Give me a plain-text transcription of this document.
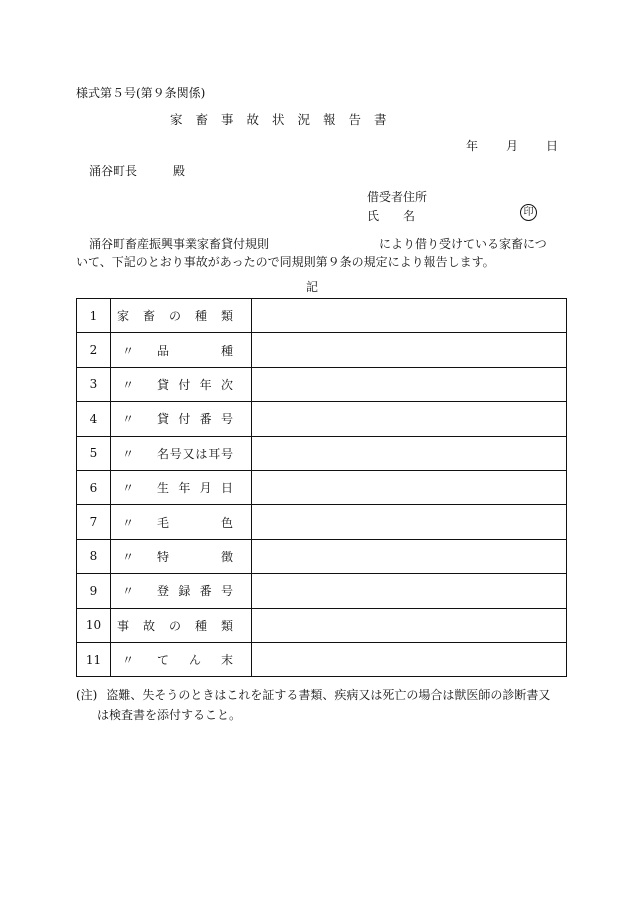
様式第５号(第９条関係)
家畜事故状況報告書
年 月 日
涌谷町長	殿
借受者住所
氏　　名	印
涌谷町畜産振興事業家畜貸付規則	により借り受けている家畜につ
いて、下記のとおり事故があったので同規則第９条の規定により報告します。
記
1	家畜の種類	

2	〃 品種	

3	〃 貸付年次	

4	〃 貸付番号	

5	〃 名号又は耳号	

6	〃 生年月日	

7	〃 毛色	

8	〃 特徴	

9	〃 登録番号	

10	事故の種類	

11	〃 てん末	

(注) 盗難、失そうのときはこれを証する書類、疾病又は死亡の場合は獣医師の診断書又
は検査書を添付すること。
